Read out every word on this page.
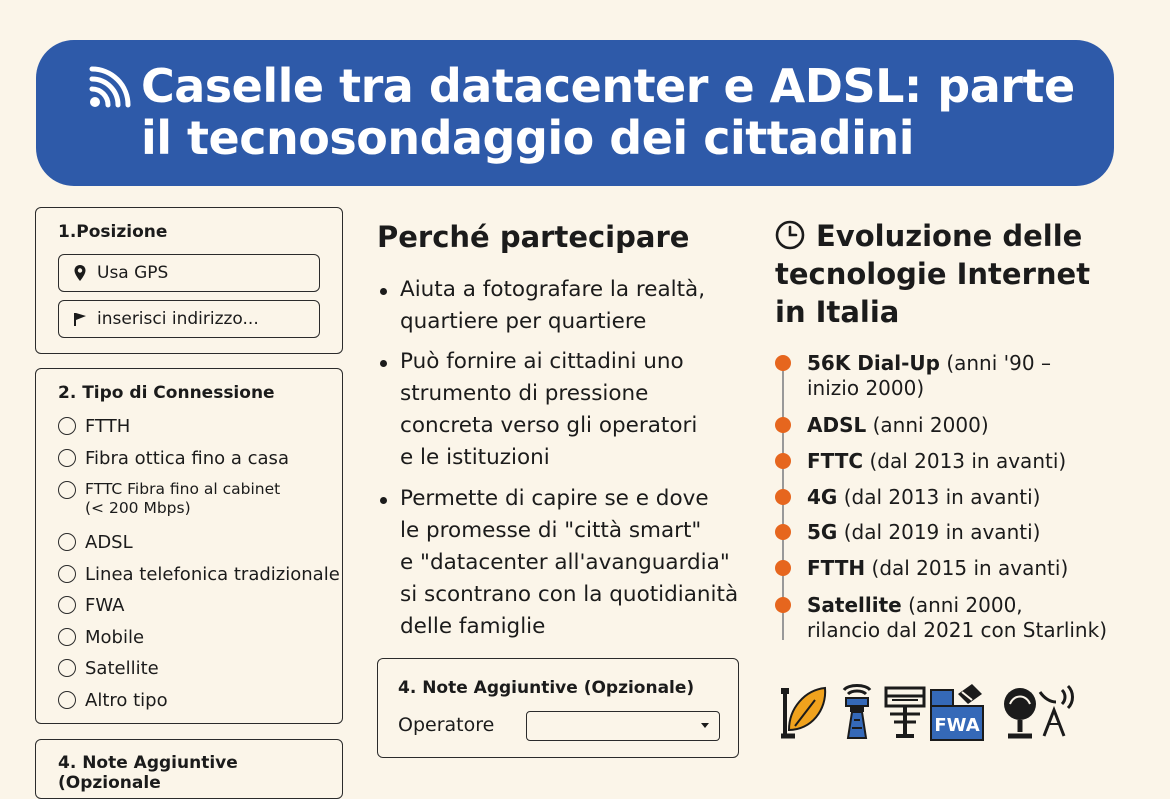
Caselle tra datacenter e ADSL: parte
il tecnosondaggio dei cittadini
1.Posizione
Usa GPS
inserisci indirizzo...
2. Tipo di Connessione
FTTH
Fibra ottica fino a casa
FTTC Fibra fino al cabinet
(< 200 Mbps)
ADSL
Linea telefonica tradizionale
FWA
Mobile
Satellite
Altro tipo
4. Note Aggiuntive (Opzionale
Perché partecipare
Aiuta a fotografare la realtà,
quartiere per quartiere
Può fornire ai cittadini uno
strumento di pressione
concreta verso gli operatori
e le istituzioni
Permette di capire se e dove
le promesse di "città smart"
e "datacenter all'avanguardia"
si scontrano con la quotidianità
delle famiglie
4. Note Aggiuntive (Opzionale)
Operatore
Evoluzione delle
tecnologie Internet
in Italia
56K Dial-Up (anni '90 –
inizio 2000)
ADSL (anni 2000)
FTTC (dal 2013 in avanti)
4G (dal 2013 in avanti)
5G (dal 2019 in avanti)
FTTH (dal 2015 in avanti)
Satellite (anni 2000,
rilancio dal 2021 con Starlink)
FWA
